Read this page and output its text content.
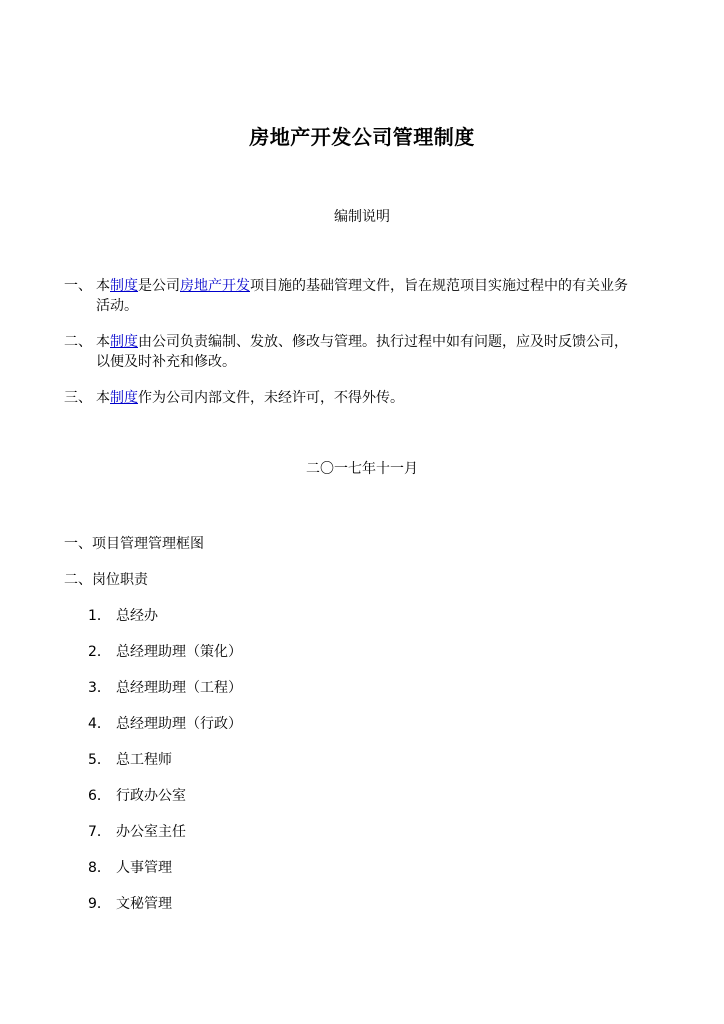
房地产开发公司管理制度
编制说明
一、 本制度是公司房地产开发项目施的基础管理文件，旨在规范项目实施过程中的有关业务
活动。
二、 本制度由公司负责编制、发放、修改与管理。执行过程中如有问题，应及时反馈公司，
以便及时补充和修改。
三、 本制度作为公司内部文件，未经许可，不得外传。
二〇一七年十一月
一、项目管理管理框图
二、岗位职责
1． 总经办
2． 总经理助理（策化）
3． 总经理助理（工程）
4． 总经理助理（行政）
5． 总工程师
6． 行政办公室
7． 办公室主任
8． 人事管理
9． 文秘管理
